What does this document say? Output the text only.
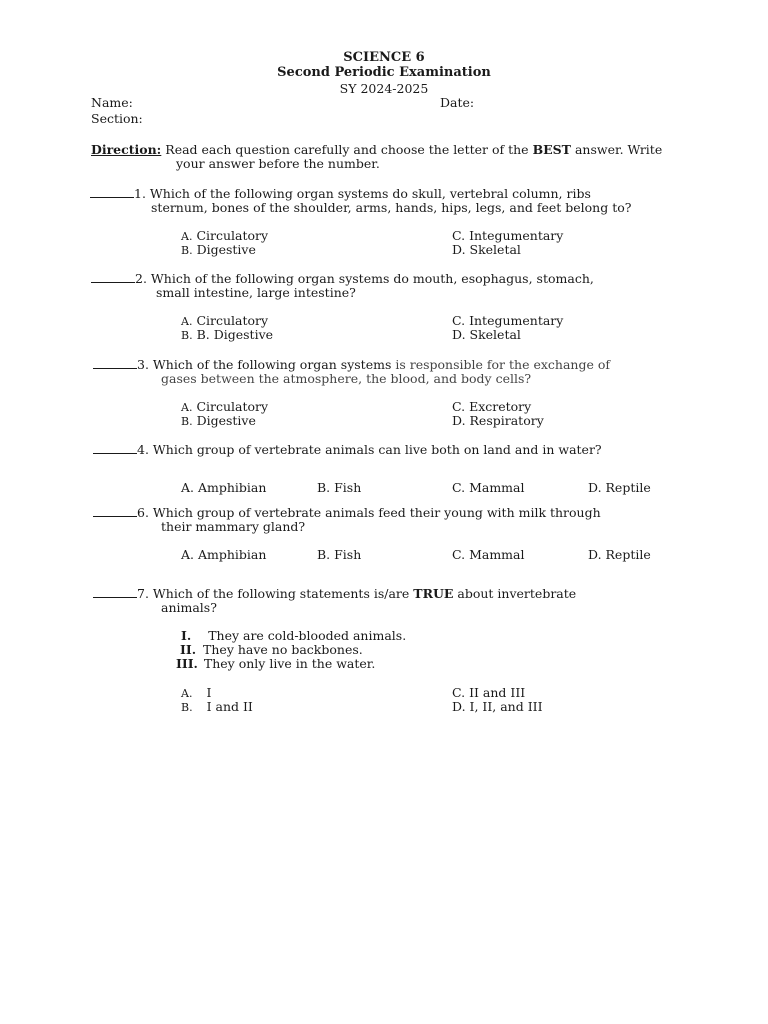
SCIENCE 6
Second Periodic Examination
SY 2024-2025
Name:	Date:
Section:
Direction: Read each question carefully and choose the letter of the BEST answer. Write
your answer before the number.
1. Which of the following organ systems do skull, vertebral column, ribs
sternum, bones of the shoulder, arms, hands, hips, legs, and feet belong to?
A. Circulatory
B. Digestive
C. Integumentary
D. Skeletal
2. Which of the following organ systems do mouth, esophagus, stomach,
small intestine, large intestine?
A. Circulatory
B. B. Digestive
C. Integumentary
D. Skeletal
3. Which of the following organ systems is responsible for the exchange of
gases between the atmosphere, the blood, and body cells?
A. Circulatory
B. Digestive
C. Excretory
D. Respiratory
4. Which group of vertebrate animals can live both on land and in water?
A. Amphibian	B. Fish	C. Mammal	D. Reptile
6. Which group of vertebrate animals feed their young with milk through
their mammary gland?
A. Amphibian	B. Fish	C. Mammal	D. Reptile
7. Which of the following statements is/are TRUE about invertebrate
animals?
I. They are cold-blooded animals.
II. They have no backbones.
III. They only live in the water.
A. I
B. I and II
C. II and III
D. I, II, and III
